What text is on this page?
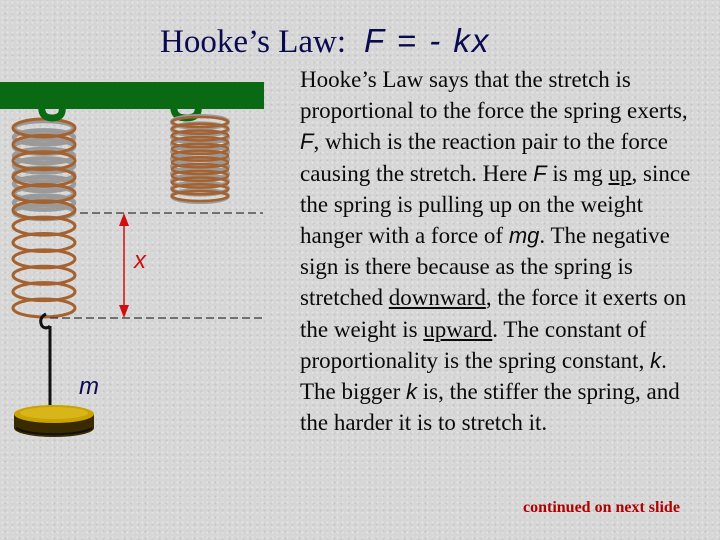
Hooke’s Law: F = - kx
x
m
Hooke’s Law says that the stretch is proportional to the force the spring exerts, F, which is the reaction pair to the force causing the stretch. Here F is mg up, since the spring is pulling up on the weight hanger with a force of mg. The negative sign is there because as the spring is stretched downward, the force it exerts on the weight is upward. The constant of proportionality is the spring constant, k. The bigger k is, the stiffer the spring, and the harder it is to stretch it.
continued on next slide
